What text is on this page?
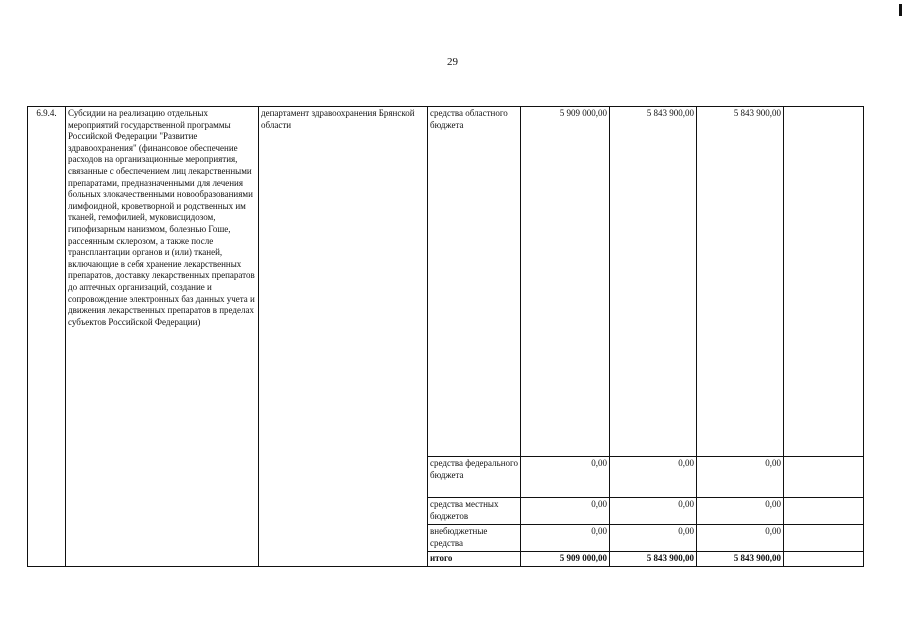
29
6.9.4.	Субсидии на реализацию отдельных мероприятий государственной программы Российской Федерации "Развитие здравоохранения" (финансовое обеспечение расходов на организационные мероприятия, связанные с обеспечением лиц лекарственными препаратами, предназначенными для лечения больных злокачественными новообразованиями лимфоидной, кроветворной и родственных им тканей, гемофилией, муковисцидозом, гипофизарным нанизмом, болезнью Гоше, рассеянным склерозом, а также после трансплантации органов и (или) тканей, включающие в себя хранение лекарственных препаратов, доставку лекарственных препаратов до аптечных организаций, создание и сопровождение электронных баз данных учета и движения лекарственных препаратов в пределах субъектов Российской Федерации)	департамент здравоохранения Брянской области	средства областного бюджета	5 909 000,00	5 843 900,00	5 843 900,00	
			средства федерального бюджета	0,00	0,00	0,00	
			средства местных бюджетов	0,00	0,00	0,00	
			внебюджетные средства	0,00	0,00	0,00	
			итого	5 909 000,00	5 843 900,00	5 843 900,00	
